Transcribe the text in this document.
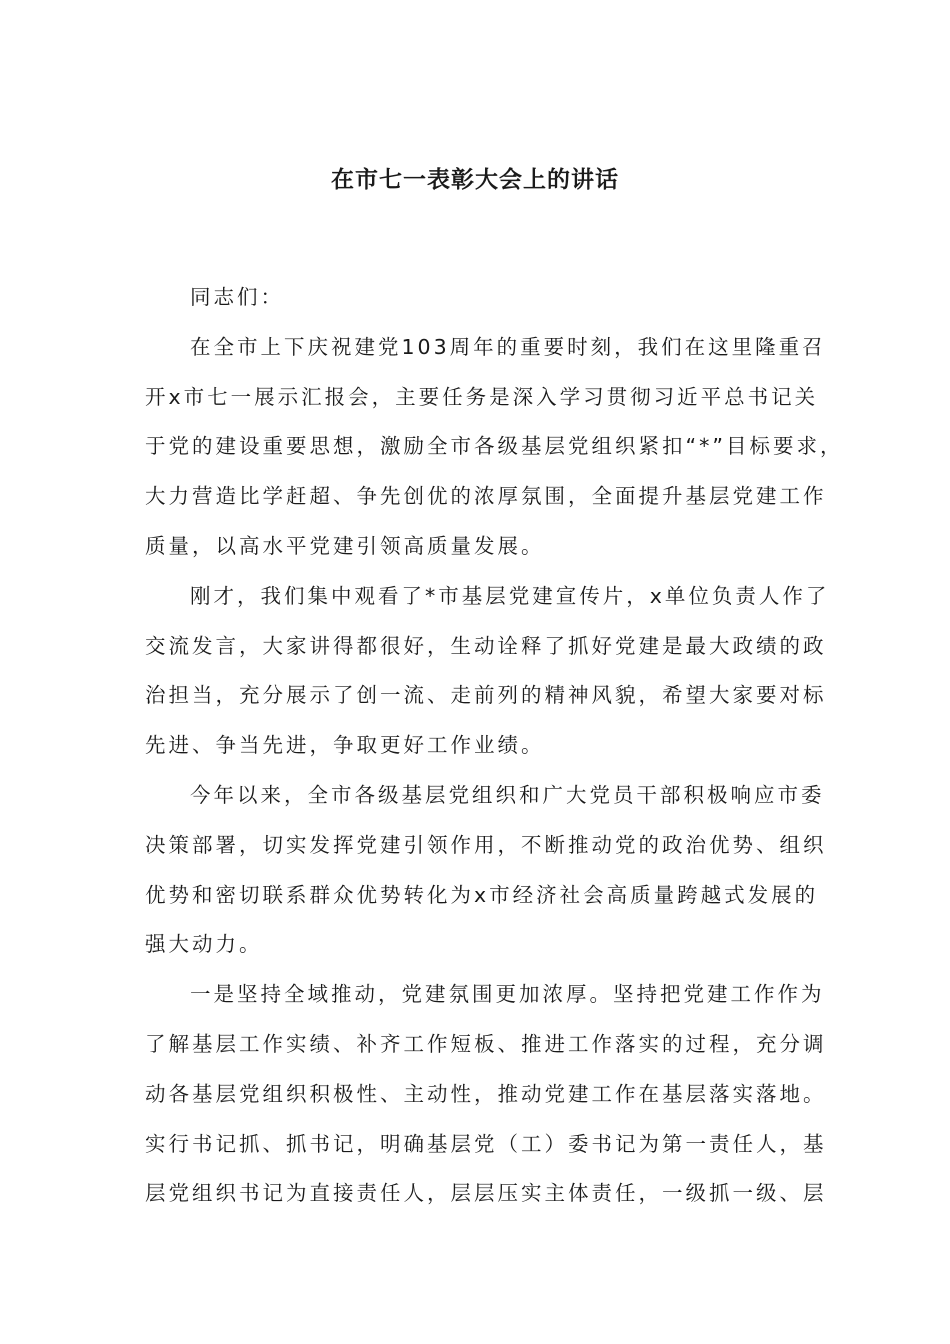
在市七一表彰大会上的讲话
同志们：
在全市上下庆祝建党103周年的重要时刻，我们在这里隆重召
开x市七一展示汇报会，主要任务是深入学习贯彻习近平总书记关
于党的建设重要思想，激励全市各级基层党组织紧扣“*”目标要求，
大力营造比学赶超、争先创优的浓厚氛围，全面提升基层党建工作
质量，以高水平党建引领高质量发展。
刚才，我们集中观看了*市基层党建宣传片，x单位负责人作了
交流发言，大家讲得都很好，生动诠释了抓好党建是最大政绩的政
治担当，充分展示了创一流、走前列的精神风貌，希望大家要对标
先进、争当先进，争取更好工作业绩。
今年以来，全市各级基层党组织和广大党员干部积极响应市委
决策部署，切实发挥党建引领作用，不断推动党的政治优势、组织
优势和密切联系群众优势转化为x市经济社会高质量跨越式发展的
强大动力。
一是坚持全域推动，党建氛围更加浓厚。坚持把党建工作作为
了解基层工作实绩、补齐工作短板、推进工作落实的过程，充分调
动各基层党组织积极性、主动性，推动党建工作在基层落实落地。
实行书记抓、抓书记，明确基层党（工）委书记为第一责任人，基
层党组织书记为直接责任人，层层压实主体责任，一级抓一级、层
